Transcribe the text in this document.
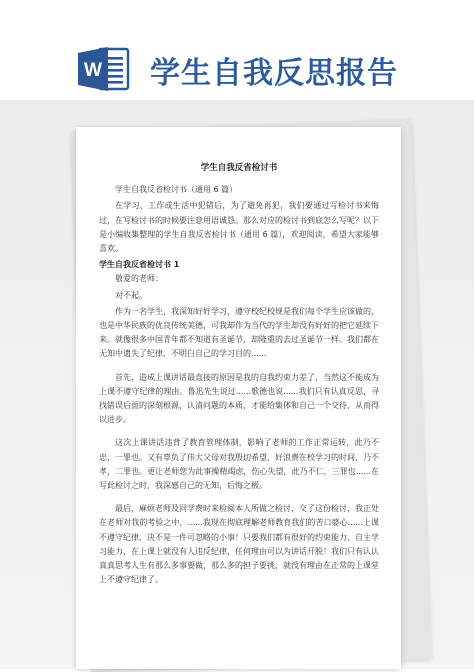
W 学生自我反思报告
学生自我反省检讨书

学生自我反省检讨书（通用 6 篇）

在学习、工作或生活中犯错后，为了避免再犯，我们要通过写检讨书来悔过，在写检讨书的时候要注意用语诚恳。那么对应的检讨书到底怎么写呢？以下是小编收集整理的学生自我反省检讨书（通用 6 篇），欢迎阅读，希望大家能够喜欢。

学生自我反省检讨书 1

敬爱的老师：

对不起。

作为一名学生，我深知好好学习，遵守校纪校规是我们每个学生应该做的，也是中华民族的优良传统美德，可我却作为当代的学生却没有好好的把它延续下来。就像很多中国青年都不知道有圣诞节，却隆重的去过圣诞节一样。我们都在无知中遗失了纪律，不明白自己的学习目的......

首先，造成上课讲话最直接的原因是我的自我约束力差了，当然这不能成为上课不遵守纪律的理由。鲁迅先生说过......歌德也说......我们只有认真反思，寻找错误后面的深刻根源，认清问题的本质，才能给集体和自己一个交待，从而得以进步。

这次上课讲话违背了教育管理体制，影响了老师的工作正常运转，此乃不忠，一罪也。又有辜负了伟大父母对我殷切希望，好浪费在校学习的时间，乃不孝，二罪也。更让老师您为此事操精竭虑，伤心失望，此乃不仁，三罪也......在写此检讨之时，我深感自己的无知，后悔之极。

最后，麻烦老师及同学费时来检阅本人所做之检讨，交了这份检讨，我正处在老师对我的考验之中，......我现在彻底理解老师教育我们的苦口婆心......上课不遵守纪律，决不是一件可忽略的小事！只要我们都有很好的约束能力、自主学习能力，在上课上就没有人违反纪律，任何理由可以为讲话开脱！我们只有认认真真思考人生有那么多事要做，那么多的担子要挑，就没有理由在正常的上课堂上不遵守纪律了。
